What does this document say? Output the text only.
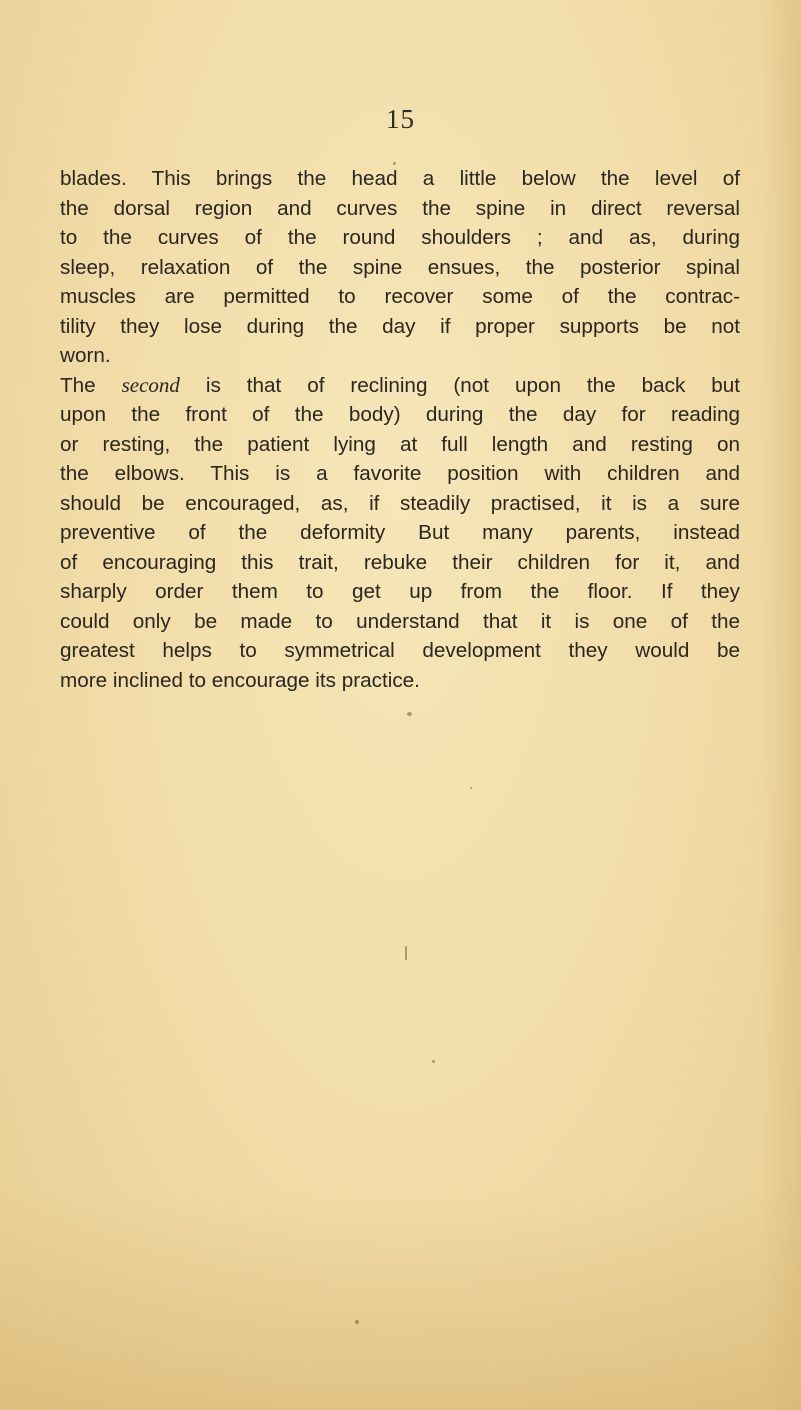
15
blades. This brings the head a little below the level of
the dorsal region and curves the spine in direct reversal
to the curves of the round shoulders ; and as, during
sleep, relaxation of the spine ensues, the posterior spinal
muscles are permitted to recover some of the contrac-
tility they lose during the day if proper supports be not
worn.
The second is that of reclining (not upon the back but
upon the front of the body) during the day for reading
or resting, the patient lying at full length and resting on
the elbows. This is a favorite position with children and
should be encouraged, as, if steadily practised, it is a sure
preventive of the deformity But many parents, instead
of encouraging this trait, rebuke their children for it, and
sharply order them to get up from the floor. If they
could only be made to understand that it is one of the
greatest helps to symmetrical development they would be
more inclined to encourage its practice.
